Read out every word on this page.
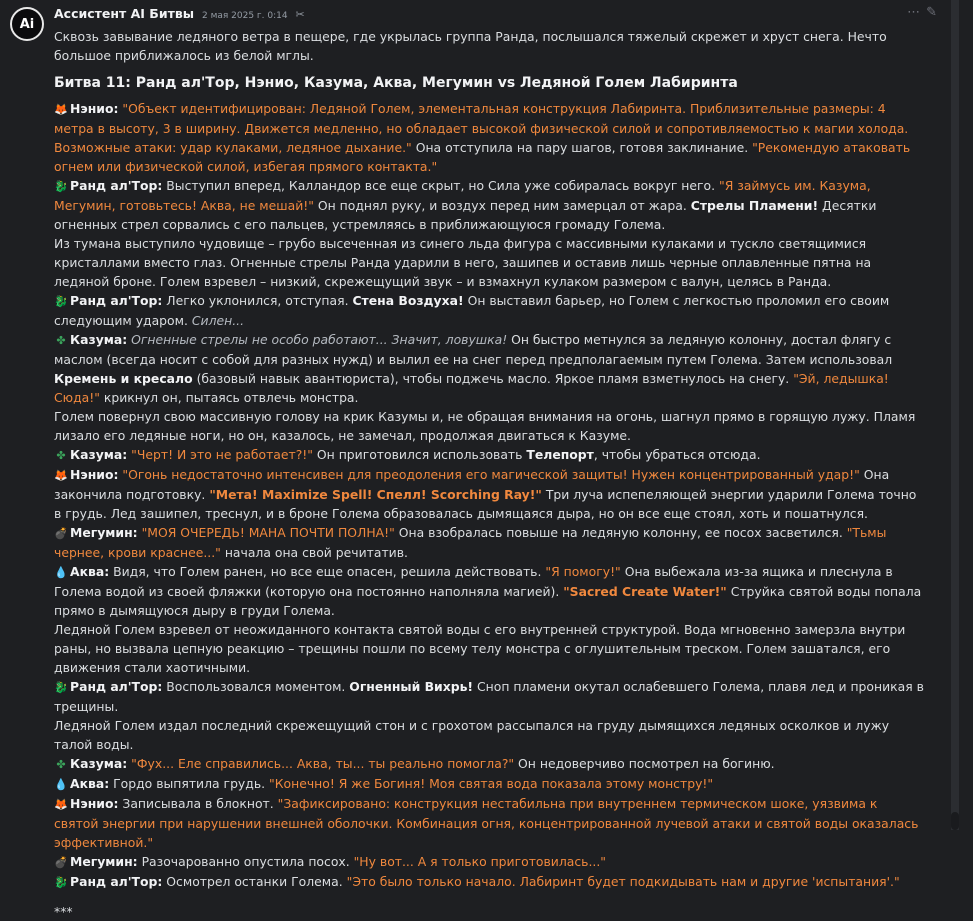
Ai
Ассистент AI Битвы 2 мая 2025 г. 0:14 ✂	⋯✎

Сквозь завывание ледяного ветра в пещере, где укрылась группа Ранда, послышался тяжелый скрежет и хруст снега. Нечто большое приближалось из белой мглы.

Битва 11: Ранд ал'Тор, Нэнио, Казума, Аква, Мегумин vs Ледяной Голем Лабиринта

🦊 Нэнио: "Объект идентифицирован: Ледяной Голем, элементальная конструкция Лабиринта. Приблизительные размеры: 4 метра в высоту, 3 в ширину. Движется медленно, но обладает высокой физической силой и сопротивляемостью к магии холода. Возможные атаки: удар кулаками, ледяное дыхание." Она отступила на пару шагов, готовя заклинание. "Рекомендую атаковать огнем или физической силой, избегая прямого контакта."

🐉 Ранд ал'Тор: Выступил вперед, Калландор все еще скрыт, но Сила уже собиралась вокруг него. "Я займусь им. Казума, Мегумин, готовьтесь! Аква, не мешай!" Он поднял руку, и воздух перед ним замерцал от жара. Стрелы Пламени! Десятки огненных стрел сорвались с его пальцев, устремляясь в приближающуюся громаду Голема.

Из тумана выступило чудовище – грубо высеченная из синего льда фигура с массивными кулаками и тускло светящимися кристаллами вместо глаз. Огненные стрелы Ранда ударили в него, зашипев и оставив лишь черные оплавленные пятна на ледяной броне. Голем взревел – низкий, скрежещущий звук – и взмахнул кулаком размером с валун, целясь в Ранда.

🐉 Ранд ал'Тор: Легко уклонился, отступая. Стена Воздуха! Он выставил барьер, но Голем с легкостью проломил его своим следующим ударом. Силен...

✤ Казума: Огненные стрелы не особо работают... Значит, ловушка! Он быстро метнулся за ледяную колонну, достал флягу с маслом (всегда носит с собой для разных нужд) и вылил ее на снег перед предполагаемым путем Голема. Затем использовал Кремень и кресало (базовый навык авантюриста), чтобы поджечь масло. Яркое пламя взметнулось на снегу. "Эй, ледышка! Сюда!" крикнул он, пытаясь отвлечь монстра.

Голем повернул свою массивную голову на крик Казумы и, не обращая внимания на огонь, шагнул прямо в горящую лужу. Пламя лизало его ледяные ноги, но он, казалось, не замечал, продолжая двигаться к Казуме.

✤ Казума: "Черт! И это не работает?!" Он приготовился использовать Телепорт, чтобы убраться отсюда.

🦊 Нэнио: "Огонь недостаточно интенсивен для преодоления его магической защиты! Нужен концентрированный удар!" Она закончила подготовку. "Мета! Maximize Spell! Спелл! Scorching Ray!" Три луча испепеляющей энергии ударили Голема точно в грудь. Лед зашипел, треснул, и в броне Голема образовалась дымящаяся дыра, но он все еще стоял, хоть и пошатнулся.

💣 Мегумин: "МОЯ ОЧЕРЕДЬ! МАНА ПОЧТИ ПОЛНА!" Она взобралась повыше на ледяную колонну, ее посох засветился. "Тьмы чернее, крови краснее..." начала она свой речитатив.

💧 Аква: Видя, что Голем ранен, но все еще опасен, решила действовать. "Я помогу!" Она выбежала из-за ящика и плеснула в Голема водой из своей фляжки (которую она постоянно наполняла магией). "Sacred Create Water!" Струйка святой воды попала прямо в дымящуюся дыру в груди Голема.

Ледяной Голем взревел от неожиданного контакта святой воды с его внутренней структурой. Вода мгновенно замерзла внутри раны, но вызвала цепную реакцию – трещины пошли по всему телу монстра с оглушительным треском. Голем зашатался, его движения стали хаотичными.

🐉 Ранд ал'Тор: Воспользовался моментом. Огненный Вихрь! Сноп пламени окутал ослабевшего Голема, плавя лед и проникая в трещины.

Ледяной Голем издал последний скрежещущий стон и с грохотом рассыпался на груду дымящихся ледяных осколков и лужу талой воды.

✤ Казума: "Фух... Еле справились... Аква, ты... ты реально помогла?" Он недоверчиво посмотрел на богиню.

💧 Аква: Гордо выпятила грудь. "Конечно! Я же Богиня! Моя святая вода показала этому монстру!"

🦊 Нэнио: Записывала в блокнот. "Зафиксировано: конструкция нестабильна при внутреннем термическом шоке, уязвима к святой энергии при нарушении внешней оболочки. Комбинация огня, концентрированной лучевой атаки и святой воды оказалась эффективной."

💣 Мегумин: Разочарованно опустила посох. "Ну вот... А я только приготовилась..."

🐉 Ранд ал'Тор: Осмотрел останки Голема. "Это было только начало. Лабиринт будет подкидывать нам и другие 'испытания'."

***
